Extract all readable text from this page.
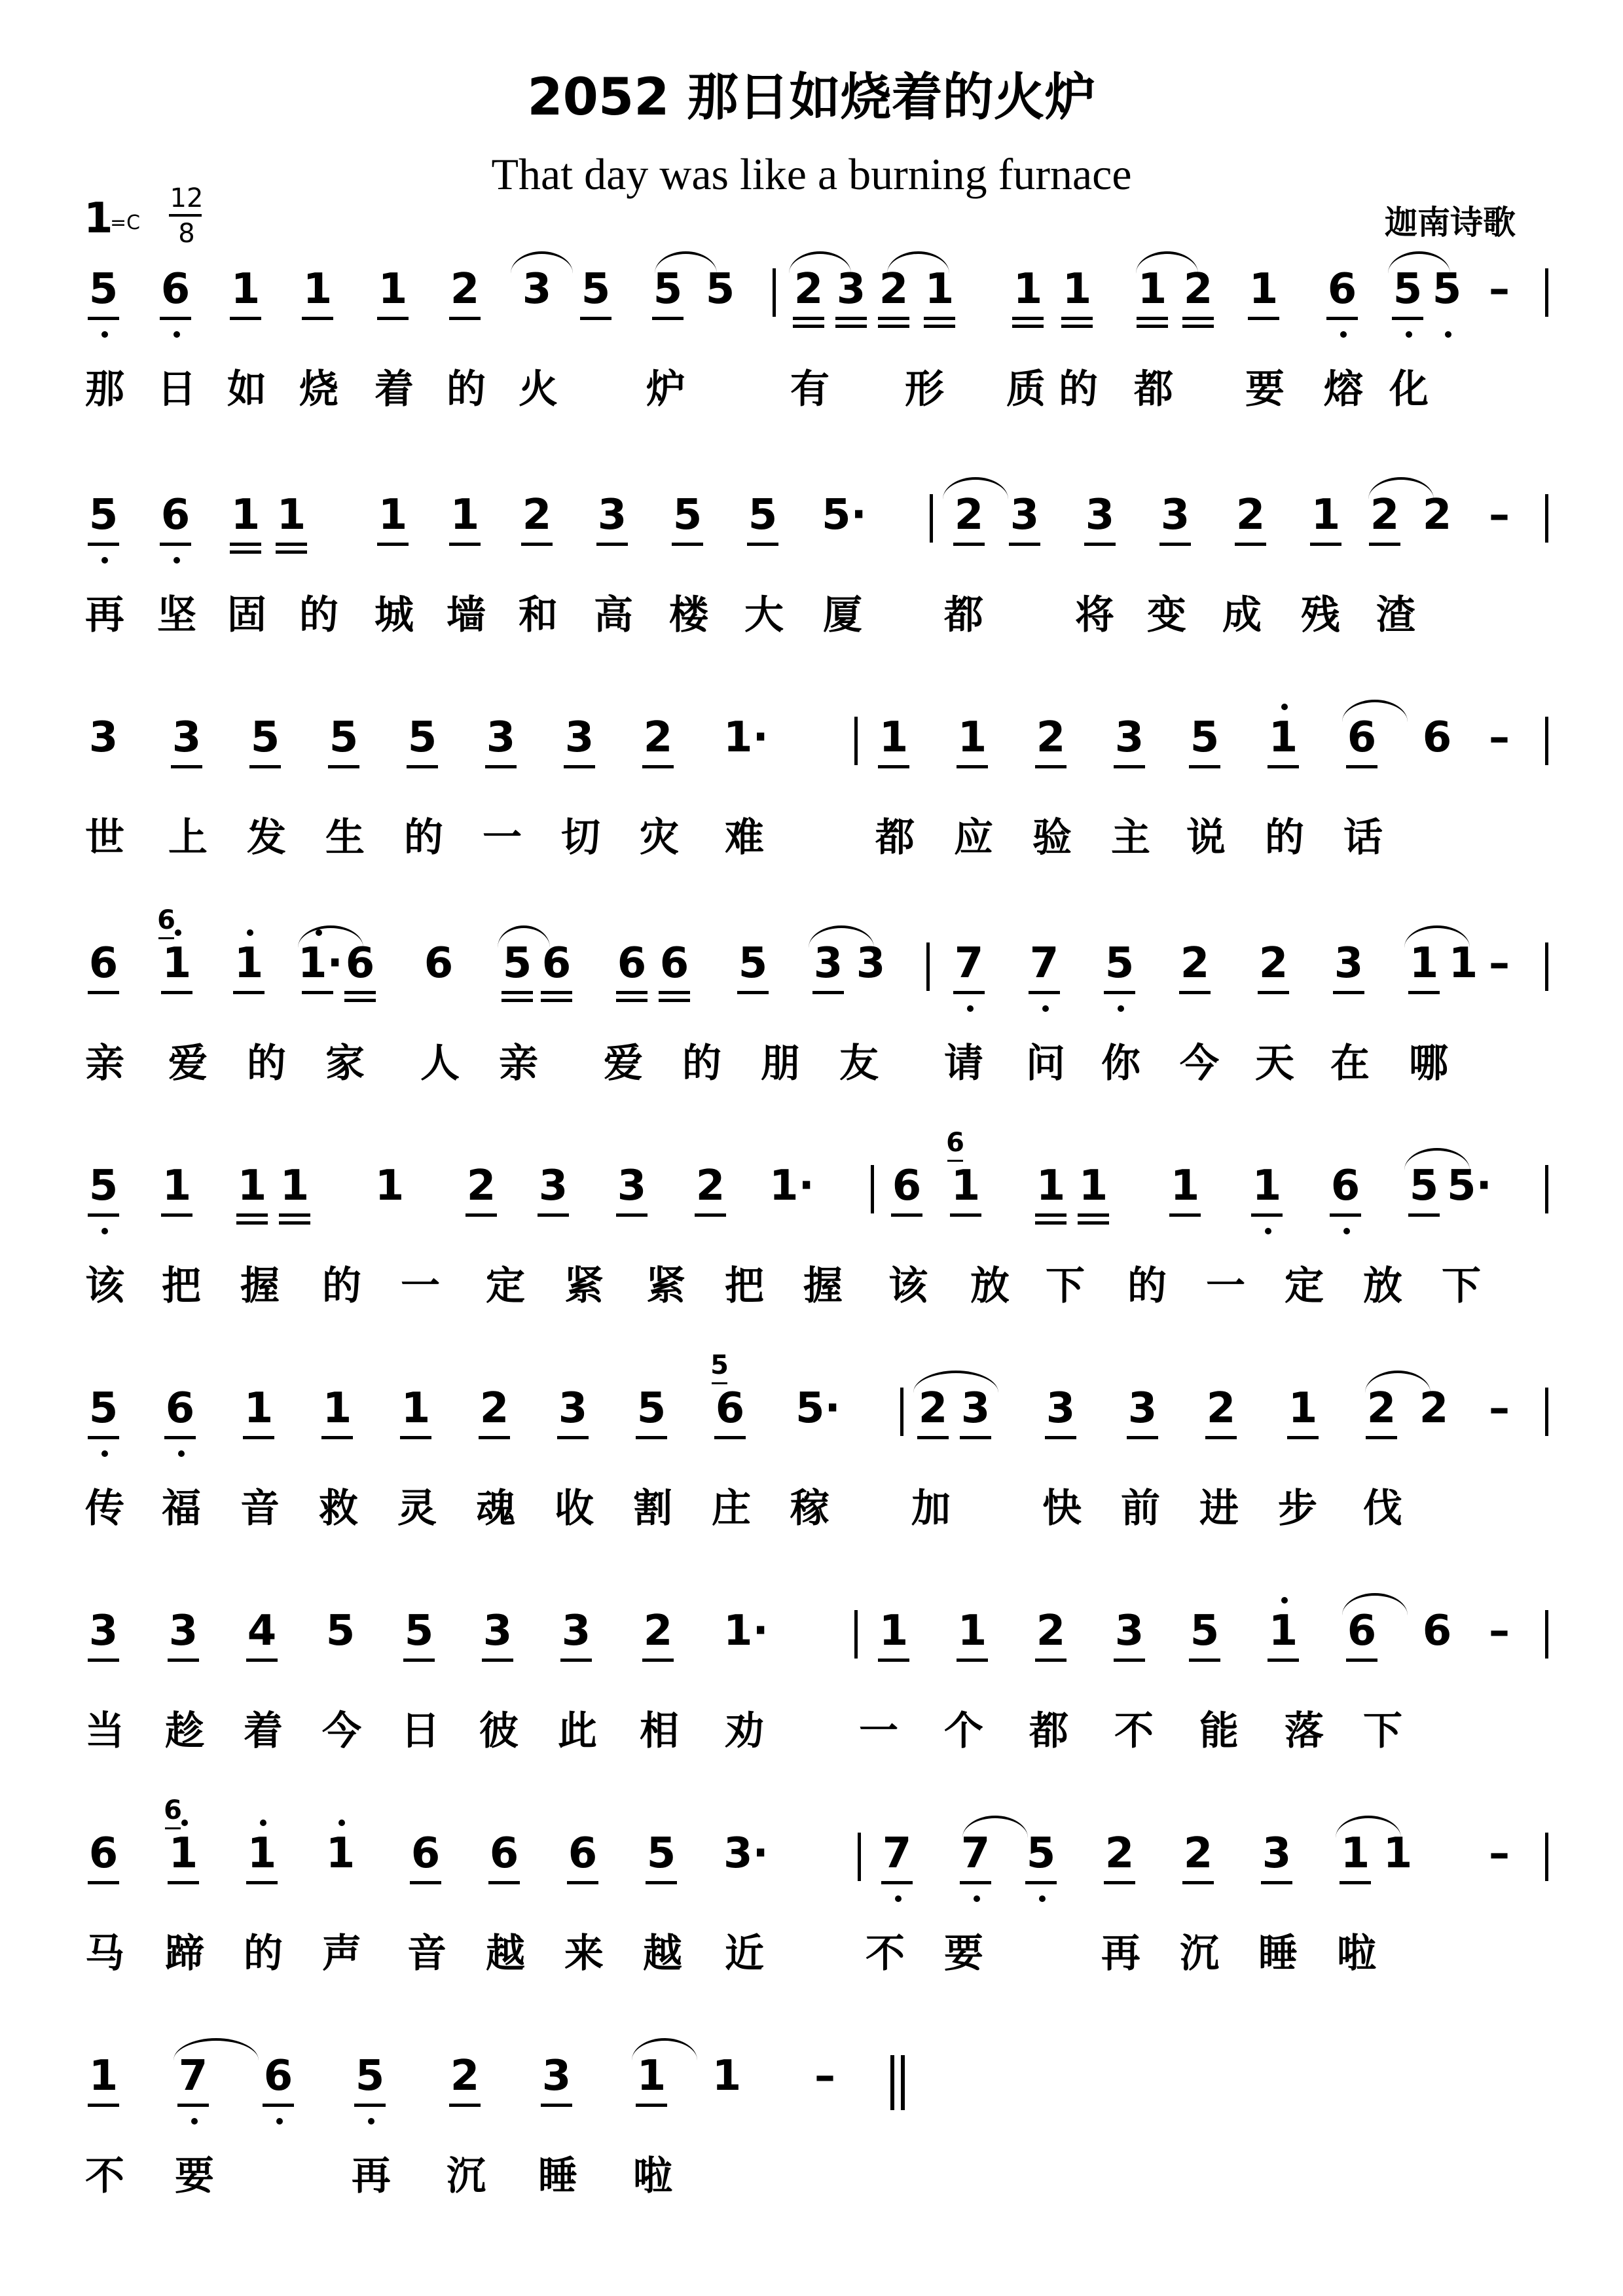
2052 那日如烧着的火炉
That day was like a burning furnace
迦南诗歌
1
=C
12
8
5 6 1 1 1 2 3 5 5 5 2 3 2 1 1 1 1 2 1 6 5 5 –
那 日 如 烧 着 的 火 炉	有 形 质 的 都 要 熔 化
5 6 1 1 1 1 2 3 5 5 5· 2 3 3 3 2 1 2 2 –
再 坚 固 的 城 墙 和 高 楼 大 厦 都 将 变 成 残 渣
3 3 5 5 5 3 3 2 1·	1 1 2 3 5 1 6 6 –
世 上 发 生 的 一 切 灾 难	都 应 验 主 说 的 话
6 1
6
1 1· 6 6 5 6 6 6 5 3 3 7 7 5 2 2 3 1 1 –
亲 爱 的 家 人 亲 爱 的 朋 友 请 问 你 今 天 在 哪
5 1 1 1 1 2 3 3 2 1· 6 1
6
1 1 1 1 6 5 5·
该 把 握 的 一 定 紧 紧 把 握 该 放 下 的 一 定 放 下
5 6 1 1 1 2 3 5 6
5
5· 2 3 3 3 2 1 2 2 –
传 福 音 救 灵 魂 收 割 庄 稼 加 快 前 进 步 伐
3 3 4 5 5 3 3 2 1·	1 1 2 3 5 1 6 6 –
当 趁 着 今 日 彼 此 相 劝 一 个 都 不 能 落 下
6 1
6
1 1 6 6 6 5 3·	7 7 5 2 2 3 1 1 –
马 蹄 的 声 音 越 来 越 近	不 要	再 沉 睡 啦
1 7 6 5 2 3 1 1 –
不 要	再 沉 睡 啦
